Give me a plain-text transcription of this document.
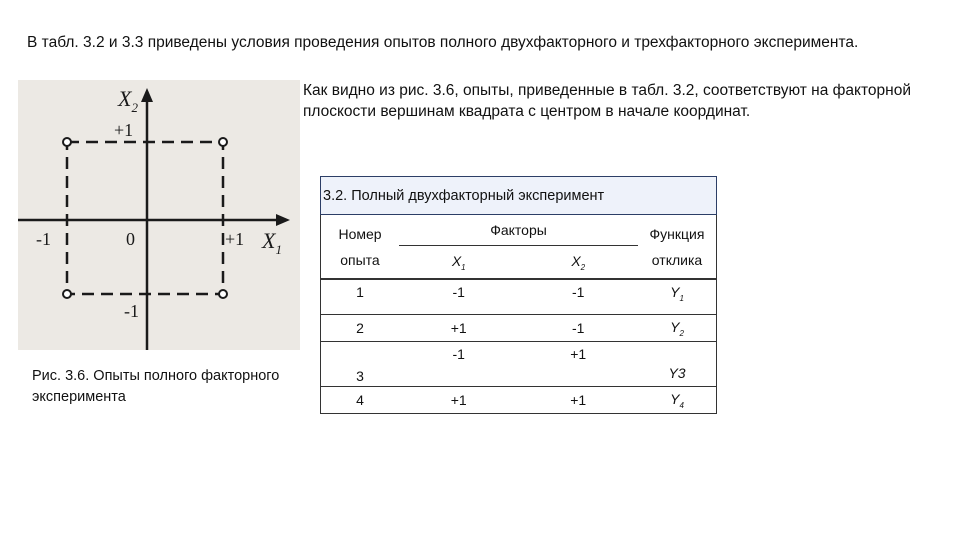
В табл. 3.2 и 3.3 приведены условия проведения опытов полного двухфакторного и трехфакторного эксперимента.

Как видно из рис. 3.6, опыты, приведенные в табл. 3.2, соответствуют на факторной плоскости вершинам квадрата с центром в начале координат.

$X_2$
+1
-1	0	+1 $X_1$
-1

Рис. 3.6. Опыты полного факторного эксперимента

3.2. Полный двухфакторный эксперимент			
Номер
опыта	Факторы		Функция
отклика
	$X_1$	$X_2$
1	-1	-1	$Y_1$
2	+1	-1	$Y_2$
3	-1	+1	Y3
4	+1	+1	$Y_4$
